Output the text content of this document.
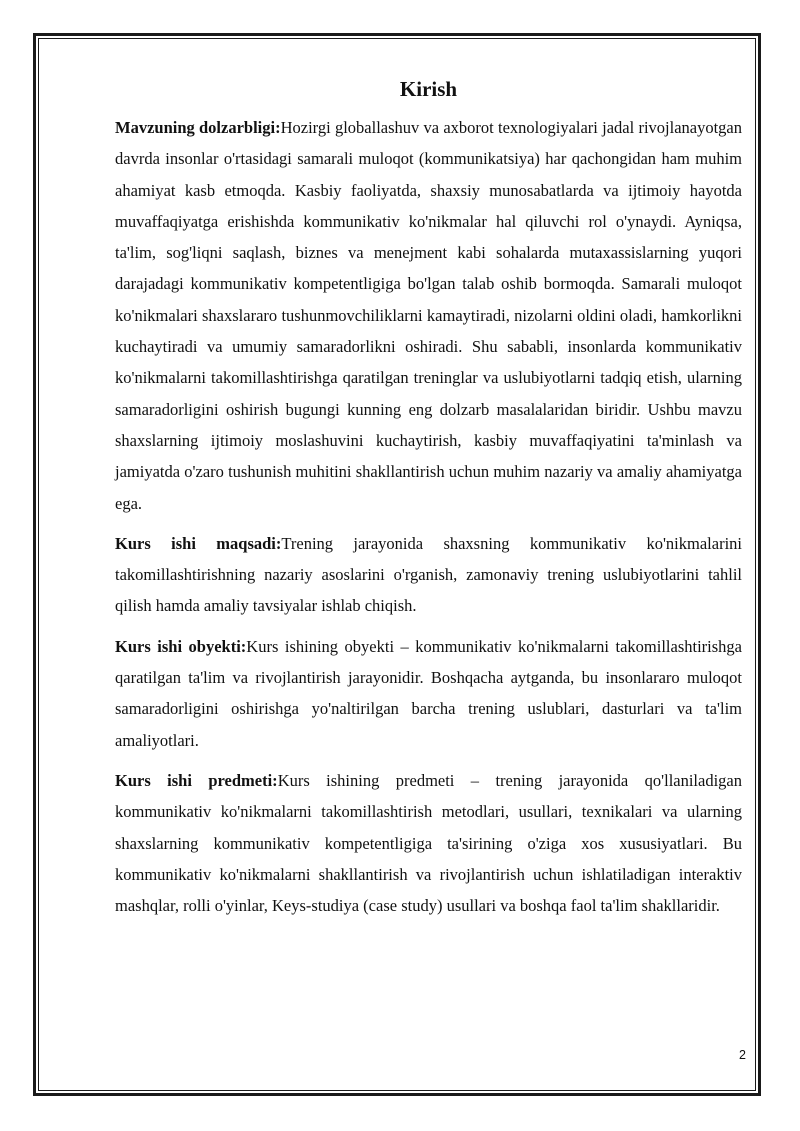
Kirish

Mavzuning dolzarbligi:Hozirgi globallashuv va axborot texnologiyalari jadal rivojlanayotgan davrda insonlar o'rtasidagi samarali muloqot (kommunikatsiya) har qachongidan ham muhim ahamiyat kasb etmoqda. Kasbiy faoliyatda, shaxsiy munosabatlarda va ijtimoiy hayotda muvaffaqiyatga erishishda kommunikativ ko'nikmalar hal qiluvchi rol o'ynaydi. Ayniqsa, ta'lim, sog'liqni saqlash, biznes va menejment kabi sohalarda mutaxassislarning yuqori darajadagi kommunikativ kompetentligiga bo'lgan talab oshib bormoqda. Samarali muloqot ko'nikmalari shaxslararo tushunmovchiliklarni kamaytiradi, nizolarni oldini oladi, hamkorlikni kuchaytiradi va umumiy samaradorlikni oshiradi. Shu sababli, insonlarda kommunikativ ko'nikmalarni takomillashtirishga qaratilgan treninglar va uslubiyotlarni tadqiq etish, ularning samaradorligini oshirish bugungi kunning eng dolzarb masalalaridan biridir. Ushbu mavzu shaxslarning ijtimoiy moslashuvini kuchaytirish, kasbiy muvaffaqiyatini ta'minlash va jamiyatda o'zaro tushunish muhitini shakllantirish uchun muhim nazariy va amaliy ahamiyatga ega.

Kurs ishi maqsadi:Trening jarayonida shaxsning kommunikativ ko'nikmalarini takomillashtirishning nazariy asoslarini o'rganish, zamonaviy trening uslubiyotlarini tahlil qilish hamda amaliy tavsiyalar ishlab chiqish.

Kurs ishi obyekti:Kurs ishining obyekti – kommunikativ ko'nikmalarni takomillashtirishga qaratilgan ta'lim va rivojlantirish jarayonidir. Boshqacha aytganda, bu insonlararo muloqot samaradorligini oshirishga yo'naltirilgan barcha trening uslublari, dasturlari va ta'lim amaliyotlari.

Kurs ishi predmeti:Kurs ishining predmeti – trening jarayonida qo'llaniladigan kommunikativ ko'nikmalarni takomillashtirish metodlari, usullari, texnikalari va ularning shaxslarning kommunikativ kompetentligiga ta'sirining o'ziga xos xususiyatlari. Bu kommunikativ ko'nikmalarni shakllantirish va rivojlantirish uchun ishlatiladigan interaktiv mashqlar, rolli o'yinlar, Keys-studiya (case study) usullari va boshqa faol ta'lim shakllaridir.

2
